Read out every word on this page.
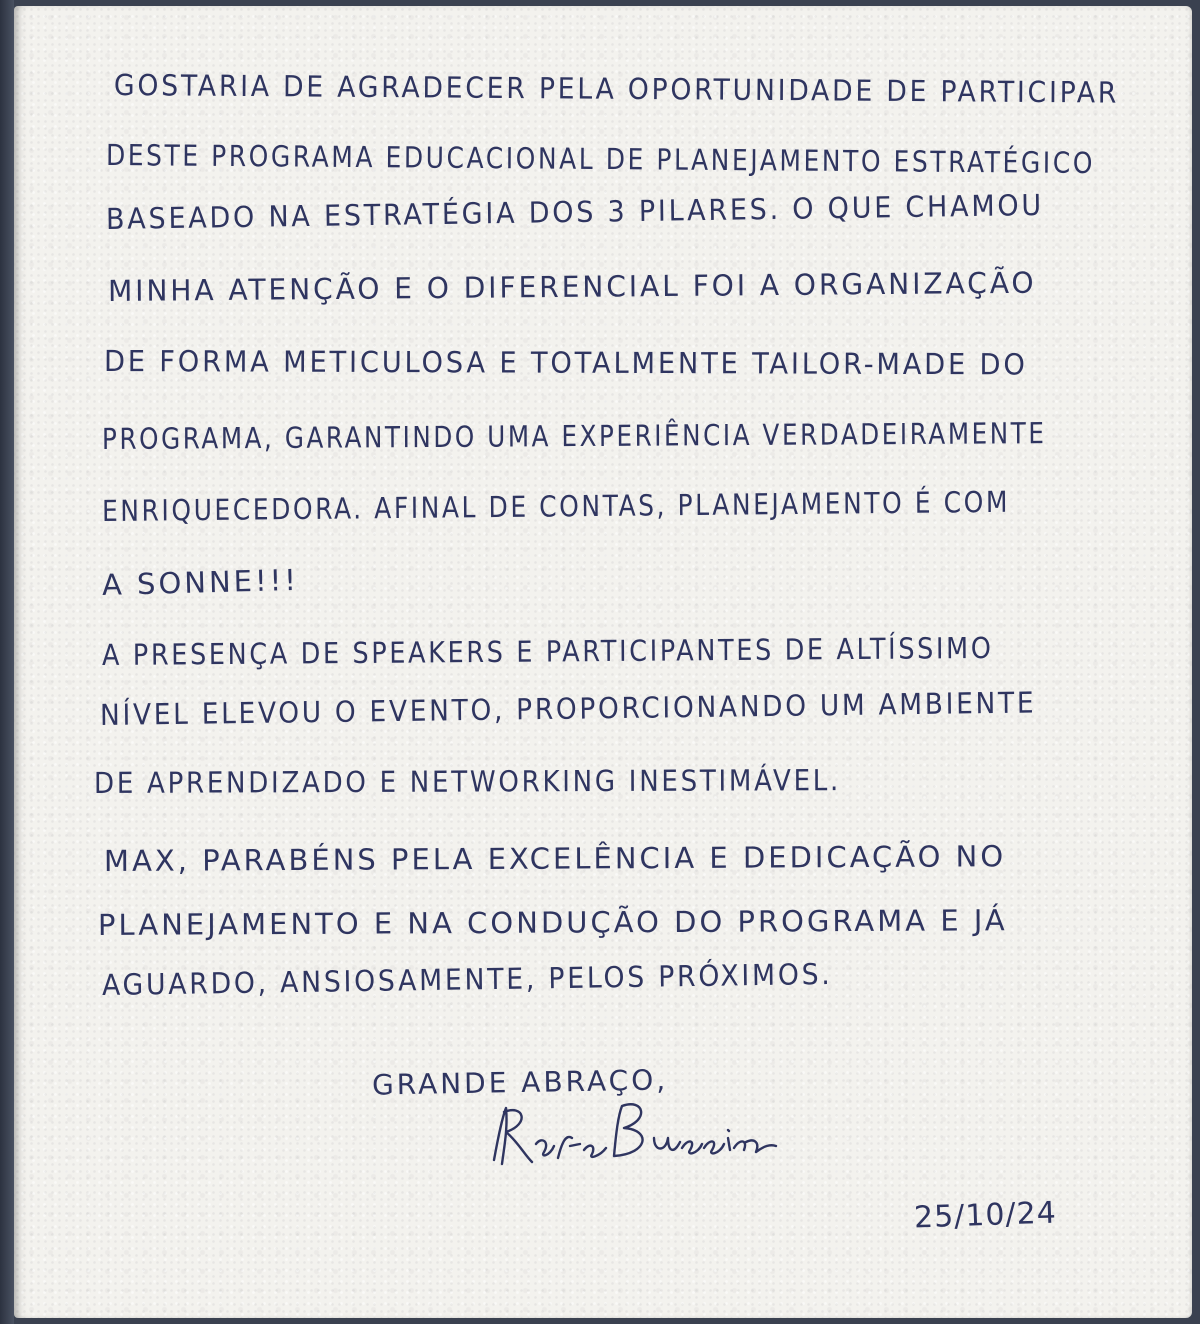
GOSTARIA DE AGRADECER PELA OPORTUNIDADE DE PARTICIPAR
DESTE PROGRAMA EDUCACIONAL DE PLANEJAMENTO ESTRATÉGICO
BASEADO NA ESTRATÉGIA DOS 3 PILARES. O QUE CHAMOU
MINHA ATENÇÃO E O DIFERENCIAL FOI A ORGANIZAÇÃO
DE FORMA METICULOSA E TOTALMENTE TAILOR-MADE DO
PROGRAMA, GARANTINDO UMA EXPERIÊNCIA VERDADEIRAMENTE
ENRIQUECEDORA. AFINAL DE CONTAS, PLANEJAMENTO É COM
A SONNE!!!
A PRESENÇA DE SPEAKERS E PARTICIPANTES DE ALTÍSSIMO
NÍVEL ELEVOU O EVENTO, PROPORCIONANDO UM AMBIENTE
DE APRENDIZADO E NETWORKING INESTIMÁVEL.
MAX, PARABÉNS PELA EXCELÊNCIA E DEDICAÇÃO NO
PLANEJAMENTO E NA CONDUÇÃO DO PROGRAMA E JÁ
AGUARDO, ANSIOSAMENTE, PELOS PRÓXIMOS.
GRANDE ABRAÇO,
25/10/24
